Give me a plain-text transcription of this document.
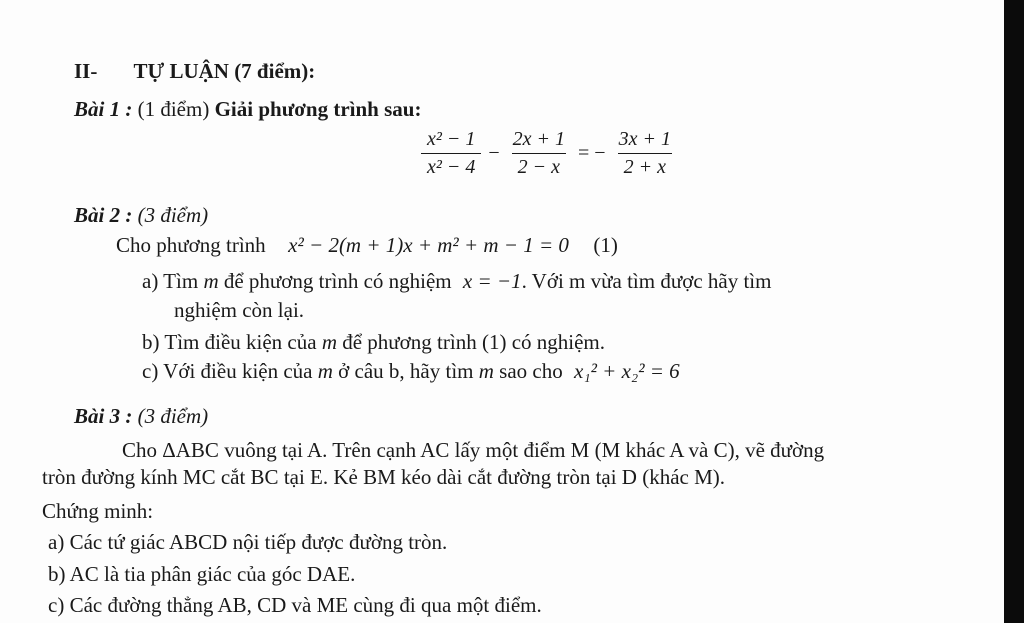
II- TỰ LUẬN (7 điểm):
Bài 1 : (1 điểm) Giải phương trình sau:
$\frac{\text{x² − 1}}{\text{x² − 4}} - \frac{2x + 1}{2 - x}$ = − $\frac{3x + 1}{2 + x}$
Bài 2 : (3 điểm)
Cho phương trình x² − 2(m + 1)x + m² + m − 1 = 0 (1)
a) Tìm m để phương trình có nghiệm x = −1. Với m vừa tìm được hãy tìm
nghiệm còn lại.
b) Tìm điều kiện của m để phương trình (1) có nghiệm.
c) Với điều kiện của m ở câu b, hãy tìm m sao cho x₁² + x₂² = 6
Bài 3 : (3 điểm)
Cho ΔABC vuông tại A. Trên cạnh AC lấy một điểm M (M khác A và C), vẽ đường
tròn đường kính MC cắt BC tại E. Kẻ BM kéo dài cắt đường tròn tại D (khác M).
Chứng minh:
a) Các tứ giác ABCD nội tiếp được đường tròn.
b) AC là tia phân giác của góc DAE.
c) Các đường thẳng AB, CD và ME cùng đi qua một điểm.
